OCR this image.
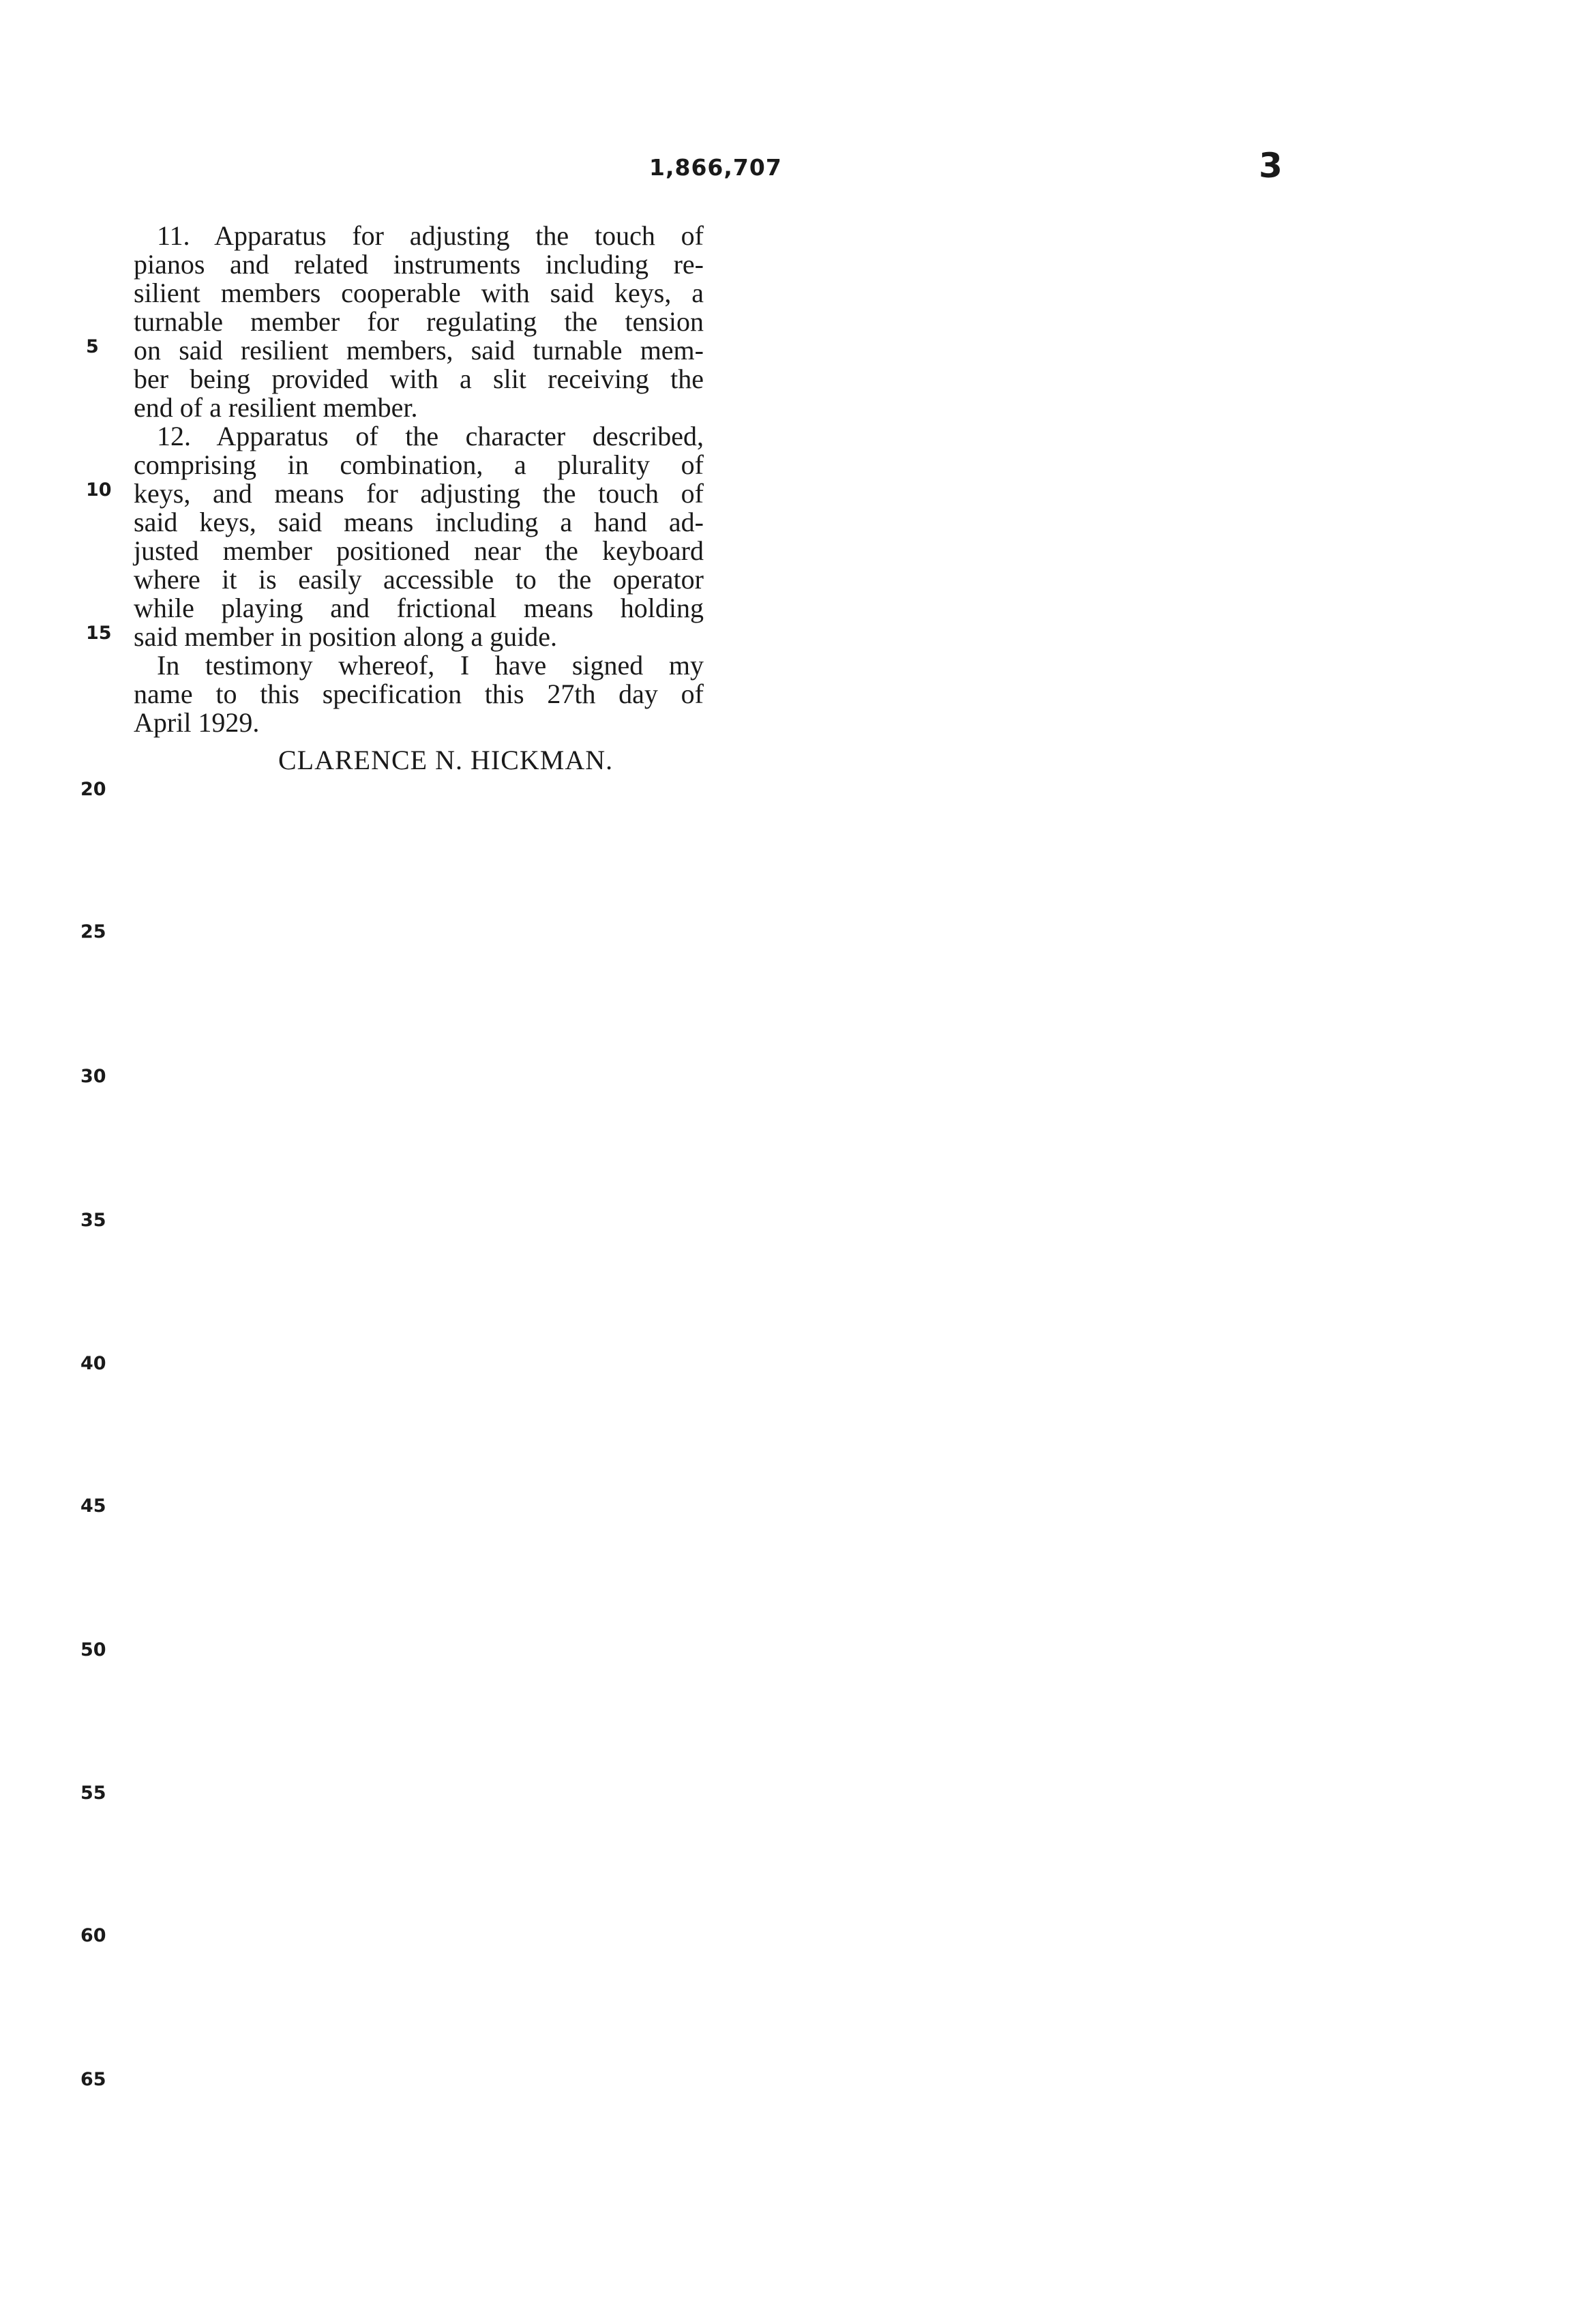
1,866,707	3
11. Apparatus for adjusting the touch of
pianos and related instruments including re-
silient members cooperable with said keys, a
turnable member for regulating the tension
on said resilient members, said turnable mem-
ber being provided with a slit receiving the
end of a resilient member.
12. Apparatus of the character described,
comprising in combination, a plurality of
keys, and means for adjusting the touch of
said keys, said means including a hand ad-
justed member positioned near the keyboard
where it is easily accessible to the operator
while playing and frictional means holding
said member in position along a guide.
In testimony whereof, I have signed my
name to this specification this 27th day of
April 1929.
CLARENCE N. HICKMAN.
5
10
15
20
25
30
35
40
45
50
55
60
65
